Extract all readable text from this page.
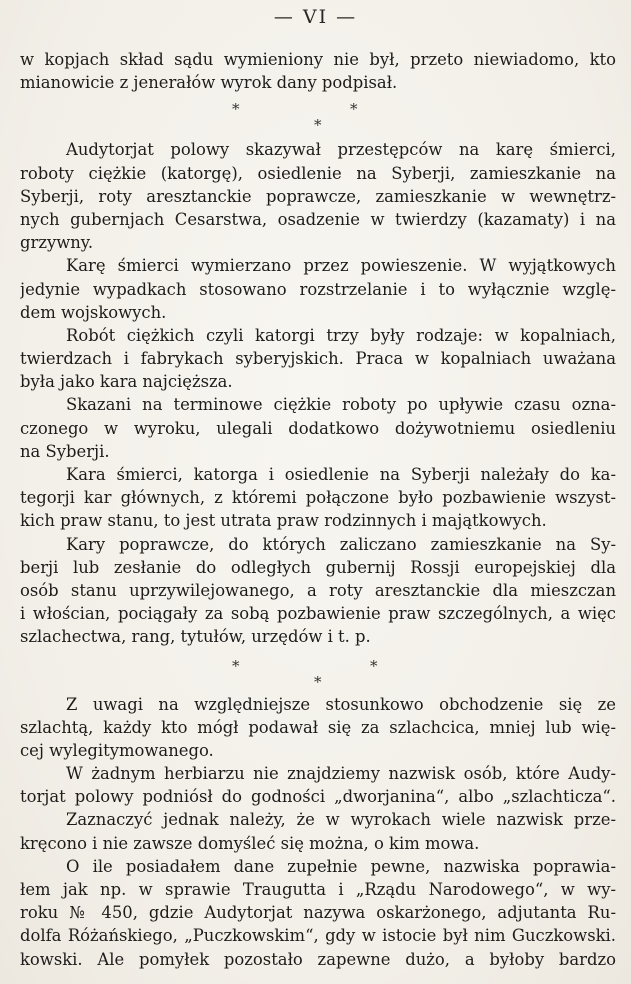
— VI —
w kopjach skład sądu wymieniony nie był, przeto niewiadomo, kto
mianowicie z jenerałów wyrok dany podpisał.
*	*
*
Audytorjat polowy skazywał przestępców na karę śmierci,
roboty ciężkie (katorgę), osiedlenie na Syberji, zamieszkanie na
Syberji, roty aresztanckie poprawcze, zamieszkanie w wewnętrz-
nych gubernjach Cesarstwa, osadzenie w twierdzy (kazamaty) i na
grzywny.
Karę śmierci wymierzano przez powieszenie. W wyjątkowych
jedynie wypadkach stosowano rozstrzelanie i to wyłącznie wzglę-
dem wojskowych.
Robót ciężkich czyli katorgi trzy były rodzaje: w kopalniach,
twierdzach i fabrykach syberyjskich. Praca w kopalniach uważana
była jako kara najcięższa.
Skazani na terminowe ciężkie roboty po upływie czasu ozna-
czonego w wyroku, ulegali dodatkowo dożywotniemu osiedleniu
na Syberji.
Kara śmierci, katorga i osiedlenie na Syberji należały do ka-
tegorji kar głównych, z któremi połączone było pozbawienie wszyst-
kich praw stanu, to jest utrata praw rodzinnych i majątkowych.
Kary poprawcze, do których zaliczano zamieszkanie na Sy-
berji lub zesłanie do odległych gubernij Rossji europejskiej dla
osób stanu uprzywilejowanego, a roty aresztanckie dla mieszczan
i włościan, pociągały za sobą pozbawienie praw szczególnych, a więc
szlachectwa, rang, tytułów, urzędów i t. p.
*	*
*
Z uwagi na względniejsze stosunkowo obchodzenie się ze
szlachtą, każdy kto mógł podawał się za szlachcica, mniej lub wię-
cej wylegitymowanego.
W żadnym herbiarzu nie znajdziemy nazwisk osób, które Audy-
torjat polowy podniósł do godności „dworjanina“, albo „szlachticza“.
Zaznaczyć jednak należy, że w wyrokach wiele nazwisk prze-
kręcono i nie zawsze domyśleć się można, o kim mowa.
O ile posiadałem dane zupełnie pewne, nazwiska poprawia-
łem jak np. w sprawie Traugutta i „Rządu Narodowego“, w wy-
roku № 450, gdzie Audytorjat nazywa oskarżonego, adjutanta Ru-
dolfa Różańskiego, „Puczkowskim“, gdy w istocie był nim Guczkowski.
kowski. Ale pomyłek pozostało zapewne dużo, a byłoby bardzo
